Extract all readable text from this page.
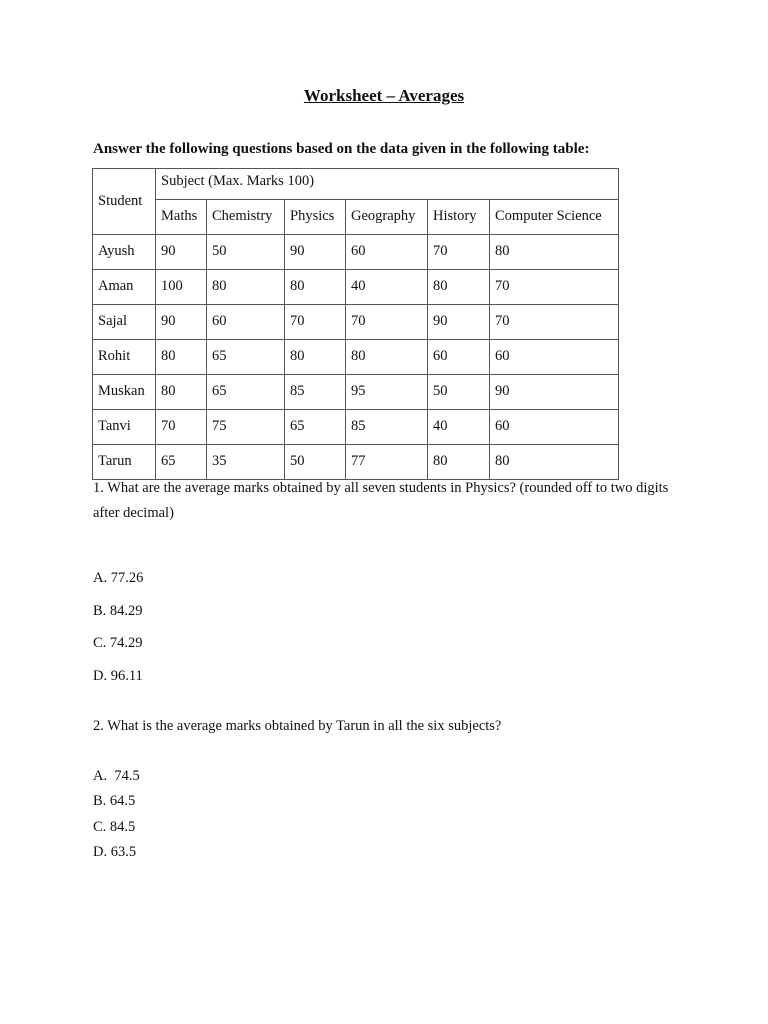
Worksheet – Averages
Answer the following questions based on the data given in the following table:
Student	Subject (Max. Marks 100)					
	Maths	Chemistry	Physics	Geography	History	Computer Science
Ayush	90	50	90	60	70	80
Aman	100	80	80	40	80	70
Sajal	90	60	70	70	90	70
Rohit	80	65	80	80	60	60
Muskan	80	65	85	95	50	90
Tanvi	70	75	65	85	40	60
Tarun	65	35	50	77	80	80
1. What are the average marks obtained by all seven students in Physics? (rounded off to two digits after decimal)
A. 77.26
B. 84.29
C. 74.29
D. 96.11
2. What is the average marks obtained by Tarun in all the six subjects?
A.  74.5
B. 64.5
C. 84.5
D. 63.5
